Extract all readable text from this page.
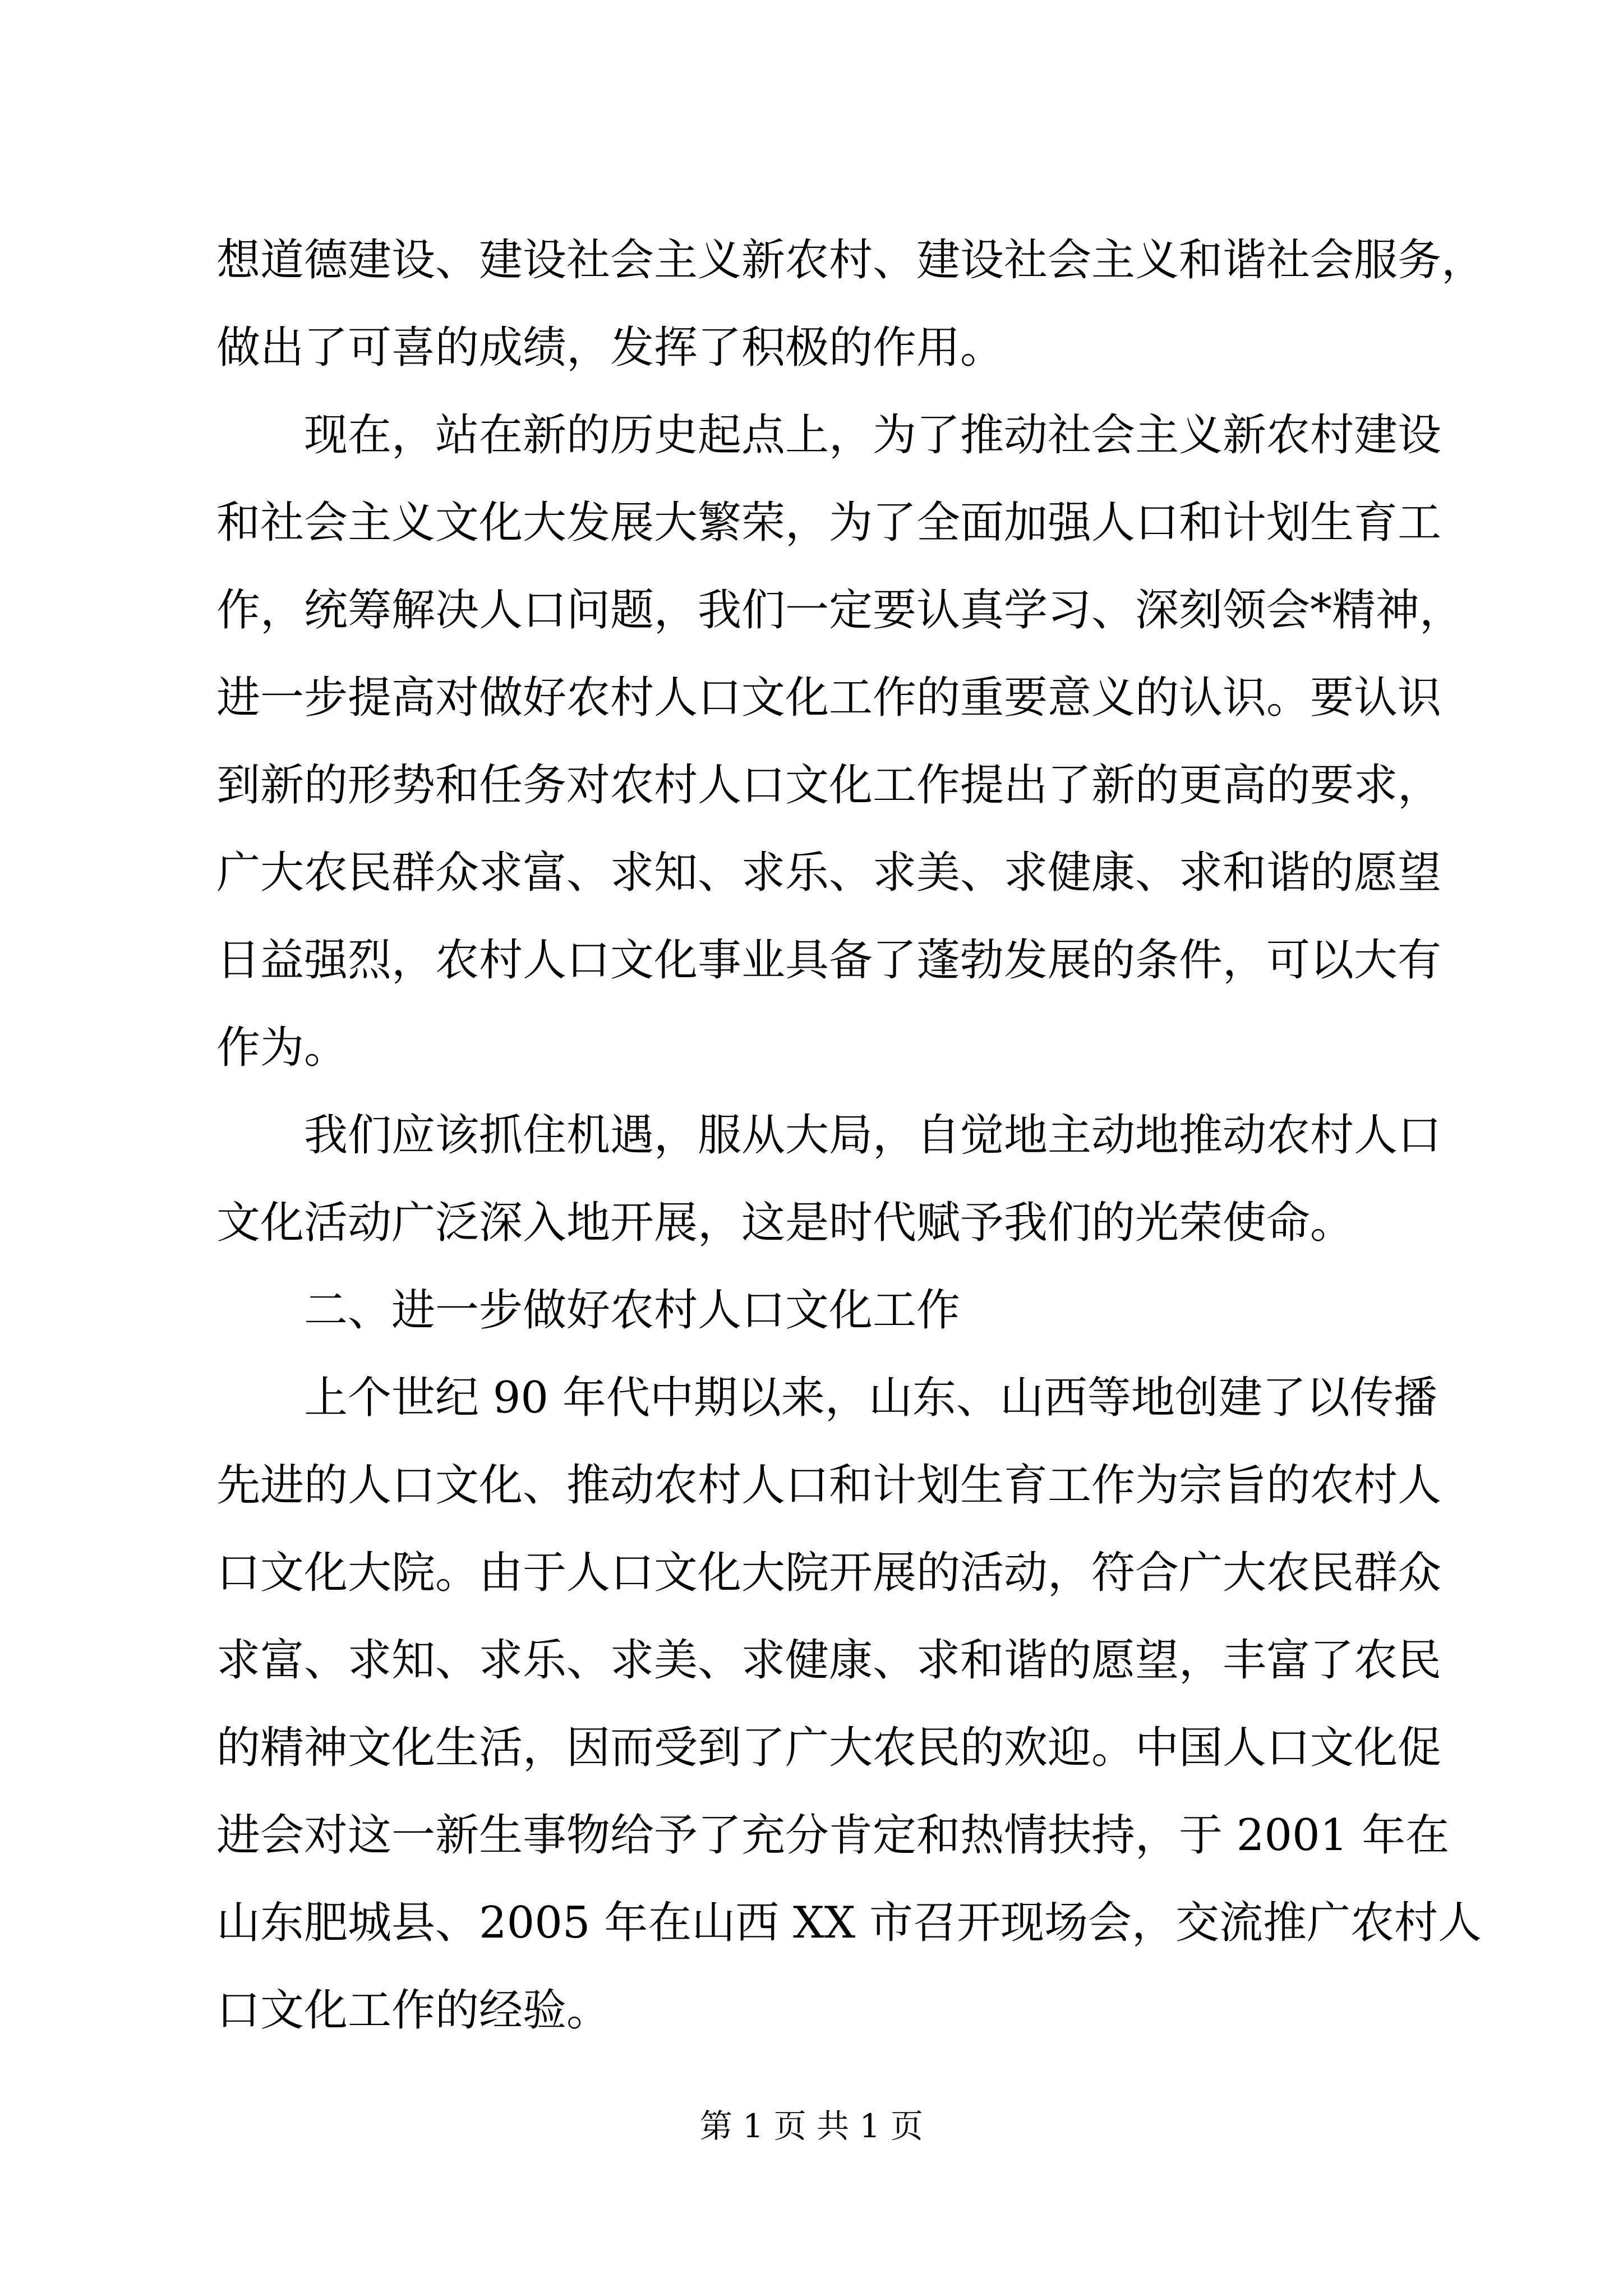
想道德建设、建设社会主义新农村、建设社会主义和谐社会服务，
做出了可喜的成绩，发挥了积极的作用。
现在，站在新的历史起点上，为了推动社会主义新农村建设
和社会主义文化大发展大繁荣，为了全面加强人口和计划生育工
作，统筹解决人口问题，我们一定要认真学习、深刻领会*精神，
进一步提高对做好农村人口文化工作的重要意义的认识。要认识
到新的形势和任务对农村人口文化工作提出了新的更高的要求，
广大农民群众求富、求知、求乐、求美、求健康、求和谐的愿望
日益强烈，农村人口文化事业具备了蓬勃发展的条件，可以大有
作为。
我们应该抓住机遇，服从大局，自觉地主动地推动农村人口
文化活动广泛深入地开展，这是时代赋予我们的光荣使命。
二、进一步做好农村人口文化工作
上个世纪 90 年代中期以来，山东、山西等地创建了以传播
先进的人口文化、推动农村人口和计划生育工作为宗旨的农村人
口文化大院。由于人口文化大院开展的活动，符合广大农民群众
求富、求知、求乐、求美、求健康、求和谐的愿望，丰富了农民
的精神文化生活，因而受到了广大农民的欢迎。中国人口文化促
进会对这一新生事物给予了充分肯定和热情扶持，于 2001 年在
山东肥城县、2005 年在山西 XX 市召开现场会，交流推广农村人
口文化工作的经验。
第 1 页 共 1 页
